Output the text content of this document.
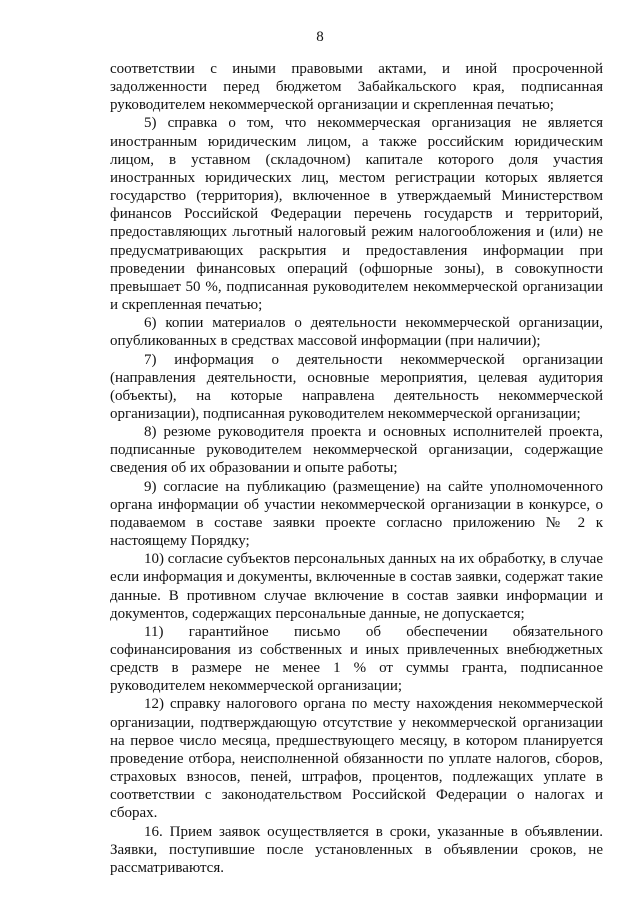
8

соответствии с иными правовыми актами, и иной просроченной задолженности перед бюджетом Забайкальского края, подписанная руководителем некоммерческой организации и скрепленная печатью;

5) справка о том, что некоммерческая организация не является иностранным юридическим лицом, а также российским юридическим лицом, в уставном (складочном) капитале которого доля участия иностранных юридических лиц, местом регистрации которых является государство (территория), включенное в утверждаемый Министерством финансов Российской Федерации перечень государств и территорий, предоставляющих льготный налоговый режим налогообложения и (или) не предусматривающих раскрытия и предоставления информации при проведении финансовых операций (офшорные зоны), в совокупности превышает 50 %, подписанная руководителем некоммерческой организации и скрепленная печатью;

6) копии материалов о деятельности некоммерческой организации, опубликованных в средствах массовой информации (при наличии);

7) информация о деятельности некоммерческой организации (направления деятельности, основные мероприятия, целевая аудитория (объекты), на которые направлена деятельность некоммерческой организации), подписанная руководителем некоммерческой организации;

8) резюме руководителя проекта и основных исполнителей проекта, подписанные руководителем некоммерческой организации, содержащие сведения об их образовании и опыте работы;

9) согласие на публикацию (размещение) на сайте уполномоченного органа информации об участии некоммерческой организации в конкурсе, о подаваемом в составе заявки проекте согласно приложению № 2 к настоящему Порядку;

10) согласие субъектов персональных данных на их обработку, в случае если информация и документы, включенные в состав заявки, содержат такие данные. В противном случае включение в состав заявки информации и документов, содержащих персональные данные, не допускается;

11) гарантийное письмо об обеспечении обязательного софинансирования из собственных и иных привлеченных внебюджетных средств в размере не менее 1 % от суммы гранта, подписанное руководителем некоммерческой организации;

12) справку налогового органа по месту нахождения некоммерческой организации, подтверждающую отсутствие у некоммерческой организации на первое число месяца, предшествующего месяцу, в котором планируется проведение отбора, неисполненной обязанности по уплате налогов, сборов, страховых взносов, пеней, штрафов, процентов, подлежащих уплате в соответствии с законодательством Российской Федерации о налогах и сборах.

16. Прием заявок осуществляется в сроки, указанные в объявлении. Заявки, поступившие после установленных в объявлении сроков, не рассматриваются.
